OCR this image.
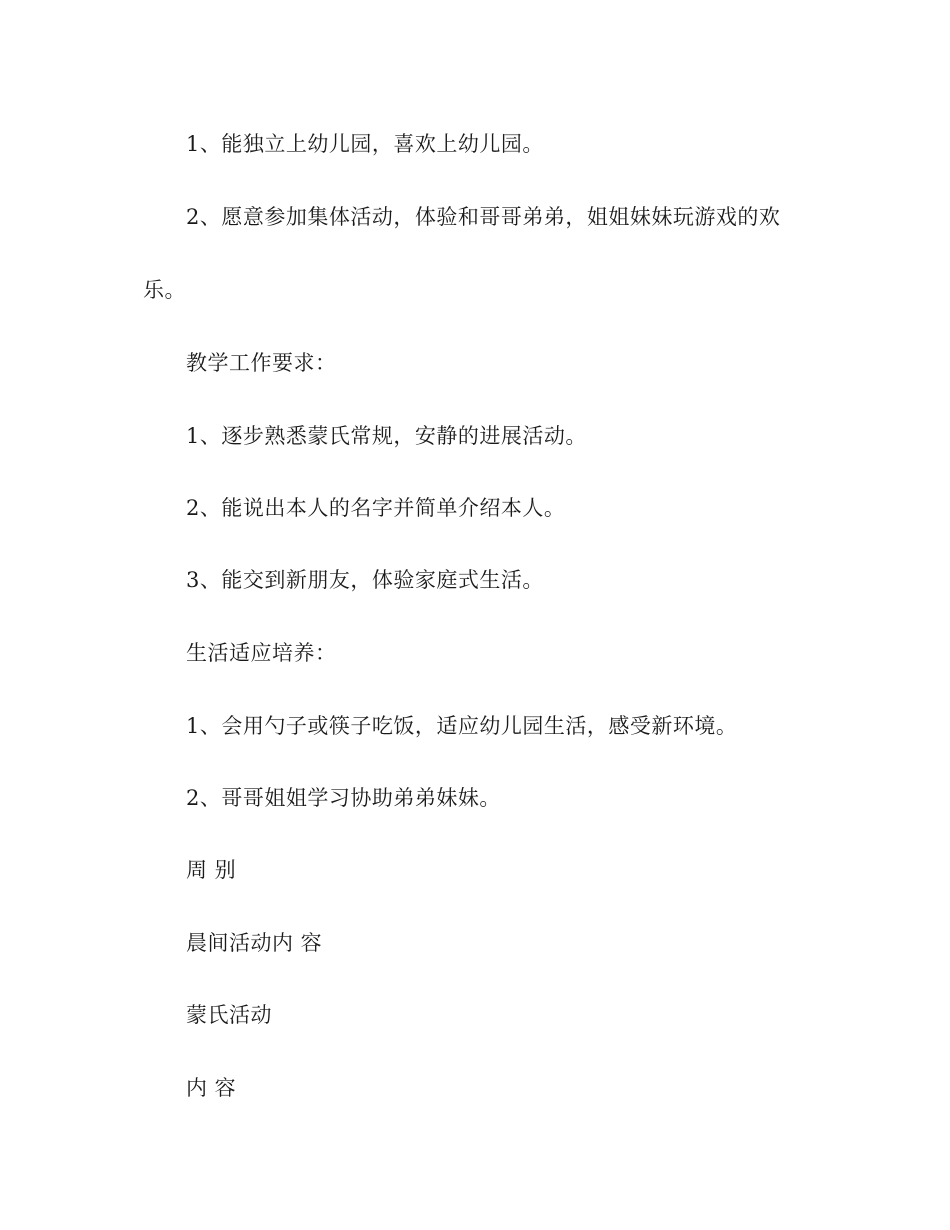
1、能独立上幼儿园，喜欢上幼儿园。

2、愿意参加集体活动，体验和哥哥弟弟，姐姐妹妹玩游戏的欢

乐。

教学工作要求：

1、逐步熟悉蒙氏常规，安静的进展活动。

2、能说出本人的名字并简单介绍本人。

3、能交到新朋友，体验家庭式生活。

生活适应培养：

1、会用勺子或筷子吃饭，适应幼儿园生活，感受新环境。

2、哥哥姐姐学习协助弟弟妹妹。

周 别

晨间活动内 容

蒙氏活动

内 容
